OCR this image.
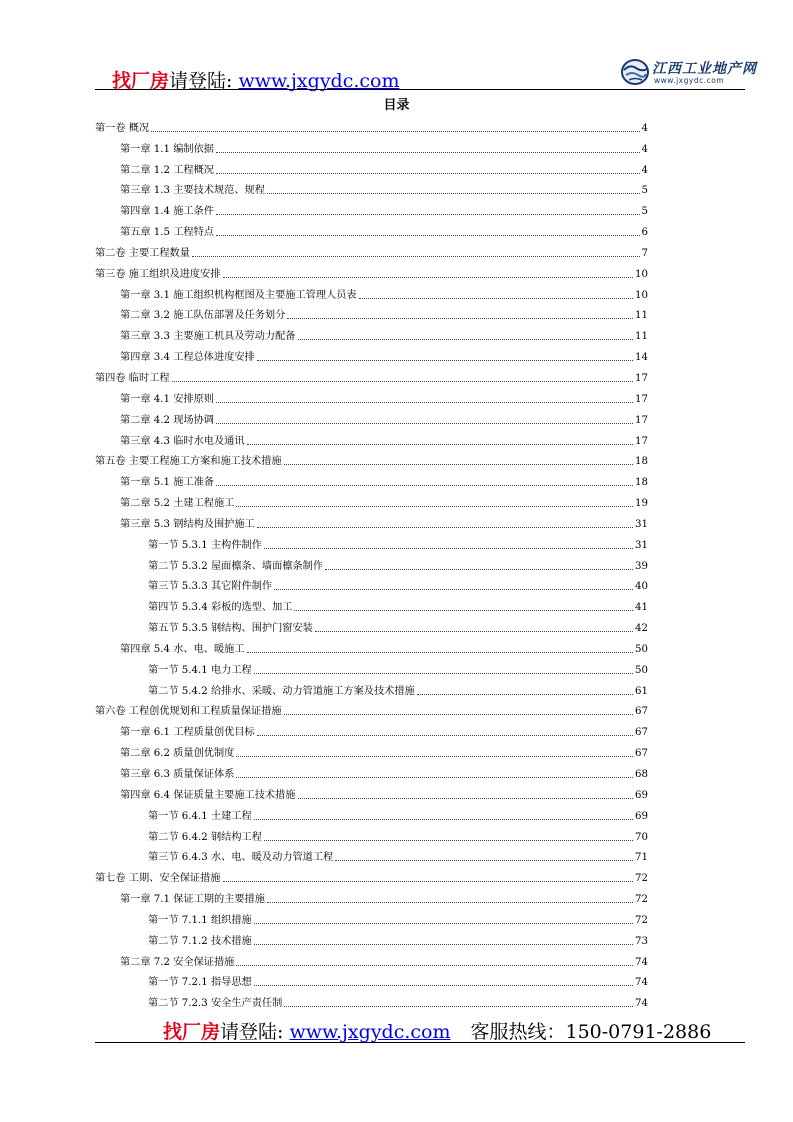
找厂房请登陆: www.jxgydc.com
江西工业地产网
www.jxgydc.com
目录
第一卷 概况	4
第一章 1.1 编制依据	4
第二章 1.2 工程概况	4
第三章 1.3 主要技术规范、规程	5
第四章 1.4 施工条件	5
第五章 1.5 工程特点	6
第二卷 主要工程数量	7
第三卷 施工组织及进度安排	10
第一章 3.1 施工组织机构框图及主要施工管理人员表	10
第二章 3.2 施工队伍部署及任务划分	11
第三章 3.3 主要施工机具及劳动力配备	11
第四章 3.4 工程总体进度安排	14
第四卷 临时工程	17
第一章 4.1 安排原则	17
第二章 4.2 现场协调	17
第三章 4.3 临时水电及通讯	17
第五卷 主要工程施工方案和施工技术措施	18
第一章 5.1 施工准备	18
第二章 5.2 土建工程施工	19
第三章 5.3 钢结构及围护施工	31
第一节 5.3.1 主构件制作	31
第二节 5.3.2 屋面檩条、墙面檩条制作	39
第三节 5.3.3 其它附件制作	40
第四节 5.3.4 彩板的选型、加工	41
第五节 5.3.5 钢结构、围护门窗安装	42
第四章 5.4 水、电、暖施工	50
第一节 5.4.1 电力工程	50
第二节 5.4.2 给排水、采暖、动力管道施工方案及技术措施	61
第六卷 工程创优规划和工程质量保证措施	67
第一章 6.1 工程质量创优目标	67
第二章 6.2 质量创优制度	67
第三章 6.3 质量保证体系	68
第四章 6.4 保证质量主要施工技术措施	69
第一节 6.4.1 土建工程	69
第二节 6.4.2 钢结构工程	70
第三节 6.4.3 水、电、暖及动力管道工程	71
第七卷 工期、安全保证措施	72
第一章 7.1 保证工期的主要措施	72
第一节 7.1.1 组织措施	72
第二节 7.1.2 技术措施	73
第二章 7.2 安全保证措施	74
第一节 7.2.1 指导思想	74
第二节 7.2.3 安全生产责任制	74
找厂房请登陆: www.jxgydc.com 客服热线：150-0791-2886
